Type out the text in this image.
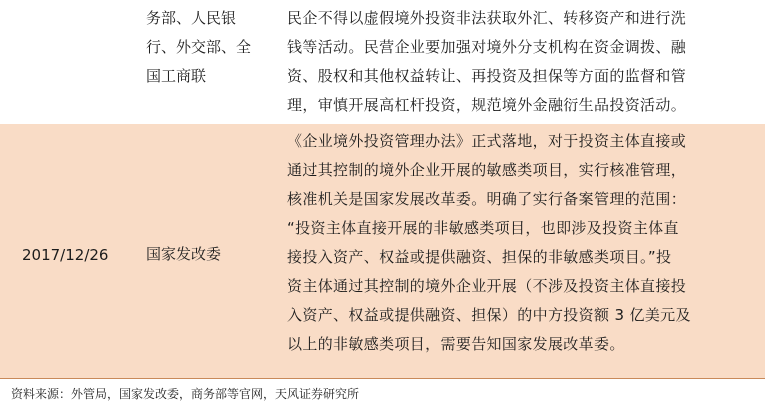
务部、人民银
行、外交部、全
国工商联
民企不得以虚假境外投资非法获取外汇、转移资产和进行洗
钱等活动。民营企业要加强对境外分支机构在资金调拨、融
资、股权和其他权益转让、再投资及担保等方面的监督和管
理，审慎开展高杠杆投资，规范境外金融衍生品投资活动。
2017/12/26	国家发改委
《企业境外投资管理办法》正式落地，对于投资主体直接或
通过其控制的境外企业开展的敏感类项目，实行核准管理，
核准机关是国家发展改革委。明确了实行备案管理的范围：
“投资主体直接开展的非敏感类项目，也即涉及投资主体直
接投入资产、权益或提供融资、担保的非敏感类项目。”投
资主体通过其控制的境外企业开展（不涉及投资主体直接投
入资产、权益或提供融资、担保）的中方投资额 3 亿美元及
以上的非敏感类项目，需要告知国家发展改革委。
资料来源：外管局，国家发改委，商务部等官网，天风证券研究所
